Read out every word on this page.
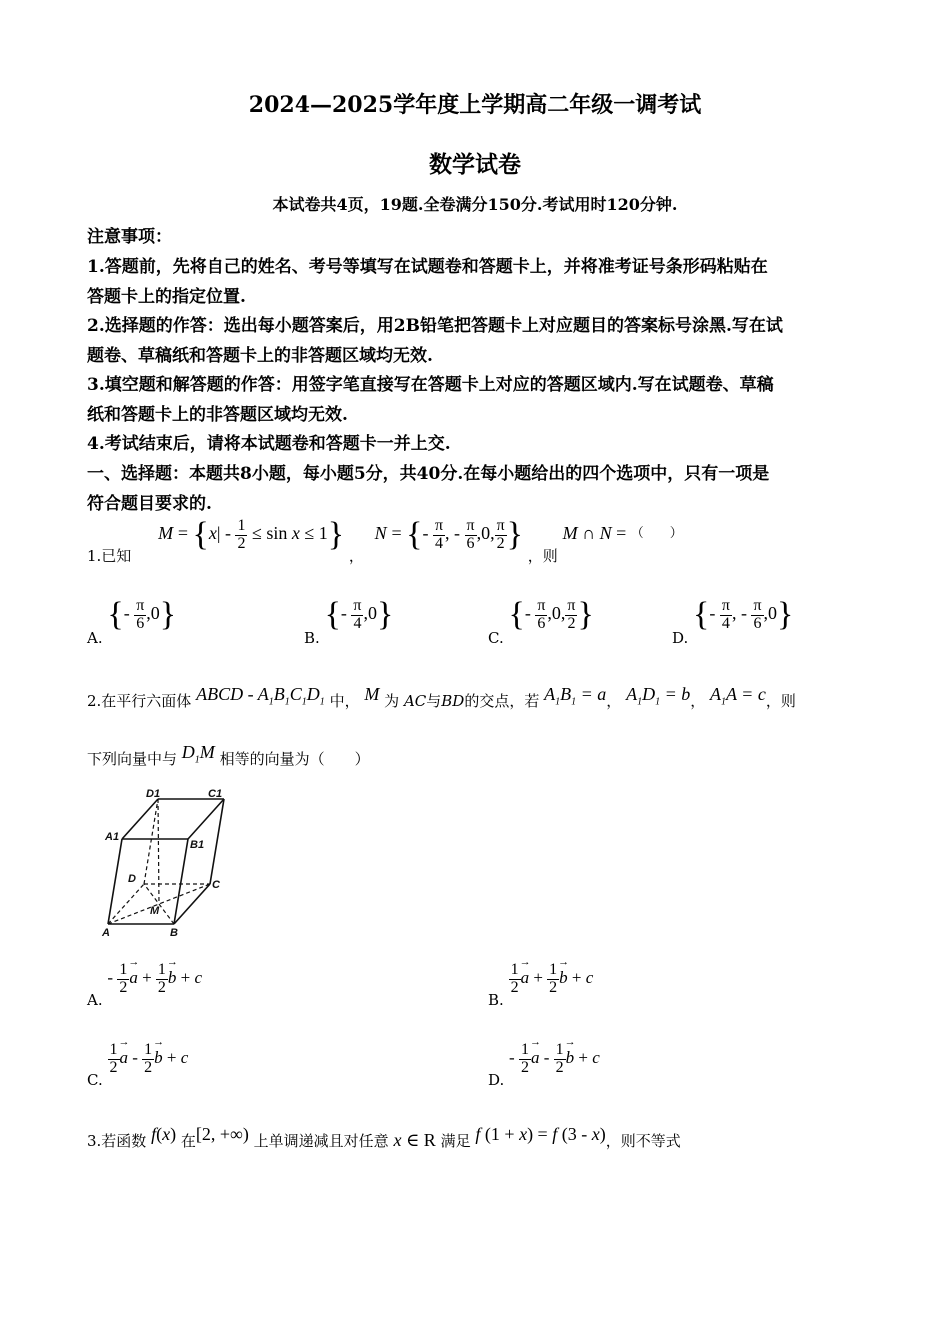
2024—2025学年度上学期高二年级一调考试
数学试卷
本试卷共4页，19题.全卷满分150分.考试用时120分钟.
注意事项：
1.答题前，先将自己的姓名、考号等填写在试题卷和答题卡上，并将准考证号条形码粘贴在
答题卡上的指定位置.
2.选择题的作答：选出每小题答案后，用2B铅笔把答题卡上对应题目的答案标号涂黑.写在试
题卷、草稿纸和答题卡上的非答题区域均无效.
3.填空题和解答题的作答：用签字笔直接写在答题卡上对应的答题区域内.写在试题卷、草稿
纸和答题卡上的非答题区域均无效.
4.考试结束后，请将本试题卷和答题卡一并上交.
一、选择题：本题共8小题，每小题5分，共40分.在每小题给出的四个选项中，只有一项是
符合题目要求的.
1.已知 $M = \{x| - \frac{1}{2} \le \sin x \le 1\}$ ， N = {- $\frac{\pi}{4}$ , - $\frac{\pi}{6} ,0$, $\frac{\pi}{2}$ } ，则 M ∩ N = （　　）
A. {- $\frac{\pi}{6} ,0$}
B. {- $\frac{\pi}{4} ,0$}
C. {- $\frac{\pi}{6} ,0$, $\frac{\pi}{2}$ }
D. {- $\frac{\pi}{4}$ , - $\frac{\pi}{6} ,0$}
2.在平行六面体 ABCD - $A_1B_1C_1D_1$ 中， M 为 AC与BD的交点，若 $A_1B_1 = a$， $A_1D_1 = b$， $A_1A = c$，则
下列向量中与 $D_1M$ 相等的向量为（　　）
D1	C1
A1
B1
D	C
M
A	B
A. - $\frac{1}{2}$
→ $a + \frac{1}{2}$
→ b + c
B.
$\frac{1}{2}$
→ $a + \frac{1}{2}$
→ b + c
C.
$\frac{1}{2}$
→ a - $\frac{1}{2}$
→ b + c
D. - $\frac{1}{2}$
→ a - $\frac{1}{2}$
→ b + c
3.若函数 f(x) 在[2, +∞) 上单调递减且对任意 x ∈ R 满足 f (1 + x) = f (3 - x)，则不等式
